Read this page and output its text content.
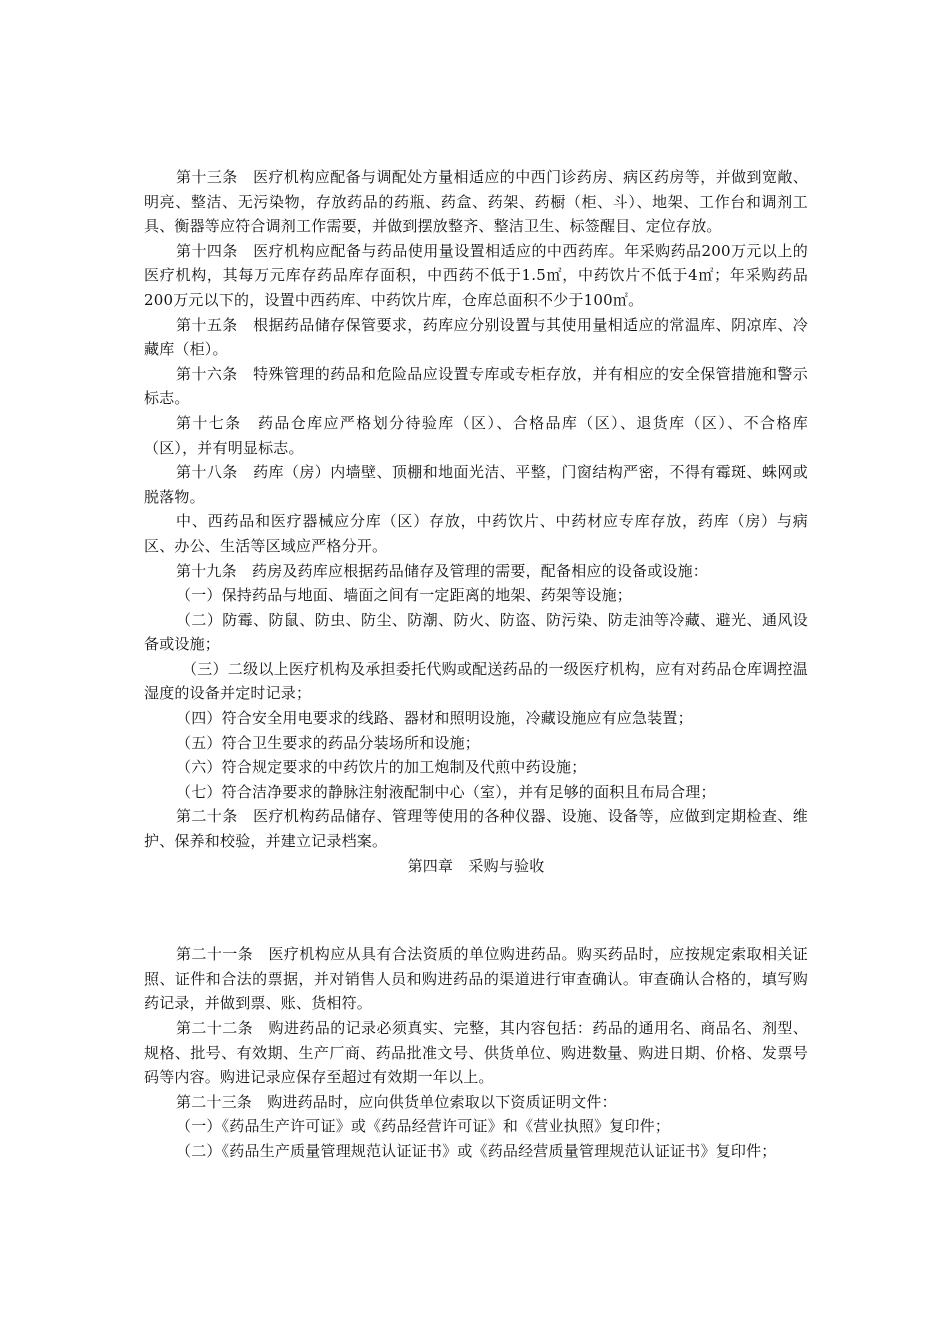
第十三条　医疗机构应配备与调配处方量相适应的中西门诊药房、病区药房等，并做到宽敞、明亮、整洁、无污染物，存放药品的药瓶、药盒、药架、药橱（柜、斗）、地架、工作台和调剂工具、衡器等应符合调剂工作需要，并做到摆放整齐、整洁卫生、标签醒目、定位存放。

第十四条　医疗机构应配备与药品使用量设置相适应的中西药库。年采购药品200万元以上的医疗机构，其每万元库存药品库存面积，中西药不低于1.5㎡，中药饮片不低于4㎡；年采购药品200万元以下的，设置中西药库、中药饮片库，仓库总面积不少于100㎡。

第十五条　根据药品储存保管要求，药库应分别设置与其使用量相适应的常温库、阴凉库、冷藏库（柜）。

第十六条　特殊管理的药品和危险品应设置专库或专柜存放，并有相应的安全保管措施和警示标志。

第十七条　药品仓库应严格划分待验库（区）、合格品库（区）、退货库（区）、不合格库（区），并有明显标志。

第十八条　药库（房）内墙壁、顶棚和地面光洁、平整，门窗结构严密，不得有霉斑、蛛网或脱落物。

中、西药品和医疗器械应分库（区）存放，中药饮片、中药材应专库存放，药库（房）与病区、办公、生活等区域应严格分开。

第十九条　药房及药库应根据药品储存及管理的需要，配备相应的设备或设施：

（一）保持药品与地面、墙面之间有一定距离的地架、药架等设施；

（二）防霉、防鼠、防虫、防尘、防潮、防火、防盗、防污染、防走油等冷藏、避光、通风设备或设施；

（三）二级以上医疗机构及承担委托代购或配送药品的一级医疗机构，应有对药品仓库调控温湿度的设备并定时记录；

（四）符合安全用电要求的线路、器材和照明设施，冷藏设施应有应急装置；

（五）符合卫生要求的药品分装场所和设施；

（六）符合规定要求的中药饮片的加工炮制及代煎中药设施；

（七）符合洁净要求的静脉注射液配制中心（室），并有足够的面积且布局合理；

第二十条　医疗机构药品储存、管理等使用的各种仪器、设施、设备等，应做到定期检查、维护、保养和校验，并建立记录档案。

第四章　采购与验收

第二十一条　医疗机构应从具有合法资质的单位购进药品。购买药品时，应按规定索取相关证照、证件和合法的票据，并对销售人员和购进药品的渠道进行审查确认。审查确认合格的，填写购药记录，并做到票、账、货相符。

第二十二条　购进药品的记录必须真实、完整，其内容包括：药品的通用名、商品名、剂型、规格、批号、有效期、生产厂商、药品批准文号、供货单位、购进数量、购进日期、价格、发票号码等内容。购进记录应保存至超过有效期一年以上。

第二十三条　购进药品时，应向供货单位索取以下资质证明文件：

（一）《药品生产许可证》或《药品经营许可证》和《营业执照》复印件；

（二）《药品生产质量管理规范认证证书》或《药品经营质量管理规范认证证书》复印件；
